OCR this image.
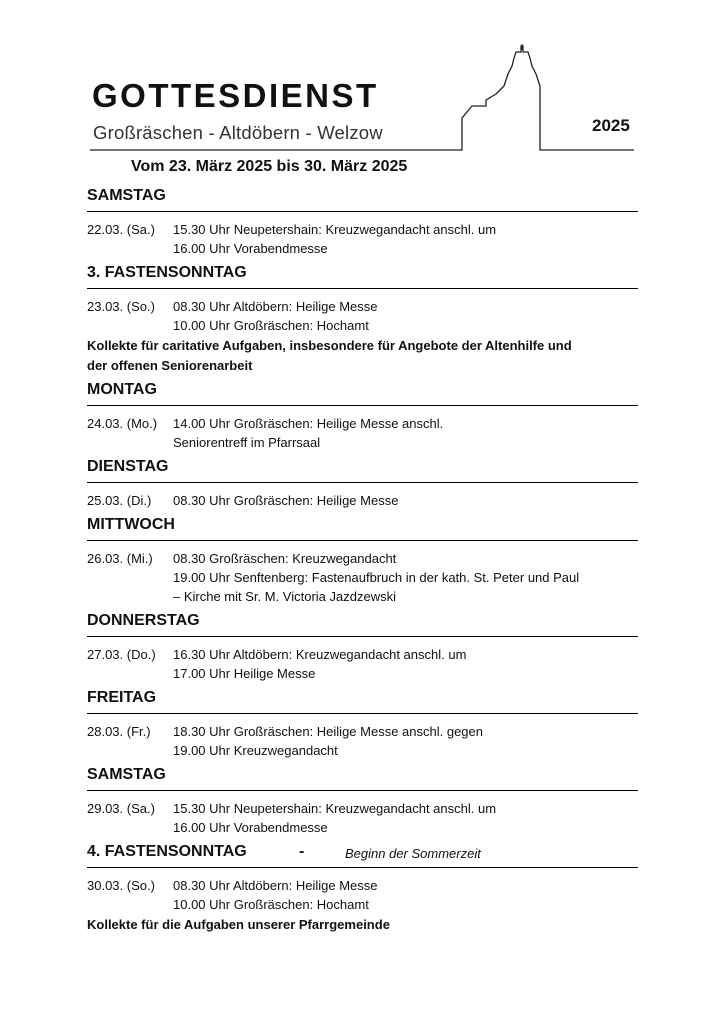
GOTTESDIENST
Großräschen - Altdöbern - Welzow	2025
Vom 23. März 2025 bis 30. März 2025
SAMSTAG
22.03. (Sa.)	15.30 Uhr Neupetershain: Kreuzwegandacht anschl. um
16.00 Uhr Vorabendmesse
3. FASTENSONNTAG
23.03. (So.)	08.30 Uhr Altdöbern: Heilige Messe
10.00 Uhr Großräschen: Hochamt
Kollekte für caritative Aufgaben, insbesondere für Angebote der Altenhilfe und
der offenen Seniorenarbeit
MONTAG
24.03. (Mo.)	14.00 Uhr Großräschen: Heilige Messe anschl.
Seniorentreff im Pfarrsaal
DIENSTAG
25.03. (Di.)	08.30 Uhr Großräschen: Heilige Messe
MITTWOCH
26.03. (Mi.)	08.30 Großräschen: Kreuzwegandacht
19.00 Uhr Senftenberg: Fastenaufbruch in der kath. St. Peter und Paul
– Kirche mit Sr. M. Victoria Jazdzewski
DONNERSTAG
27.03. (Do.)	16.30 Uhr Altdöbern: Kreuzwegandacht anschl. um
17.00 Uhr Heilige Messe
FREITAG
28.03. (Fr.)	18.30 Uhr Großräschen: Heilige Messe anschl. gegen
19.00 Uhr Kreuzwegandacht
SAMSTAG
29.03. (Sa.)	15.30 Uhr Neupetershain: Kreuzwegandacht anschl. um
16.00 Uhr Vorabendmesse
4. FASTENSONNTAG	-	Beginn der Sommerzeit
30.03. (So.)	08.30 Uhr Altdöbern: Heilige Messe
10.00 Uhr Großräschen: Hochamt
Kollekte für die Aufgaben unserer Pfarrgemeinde
